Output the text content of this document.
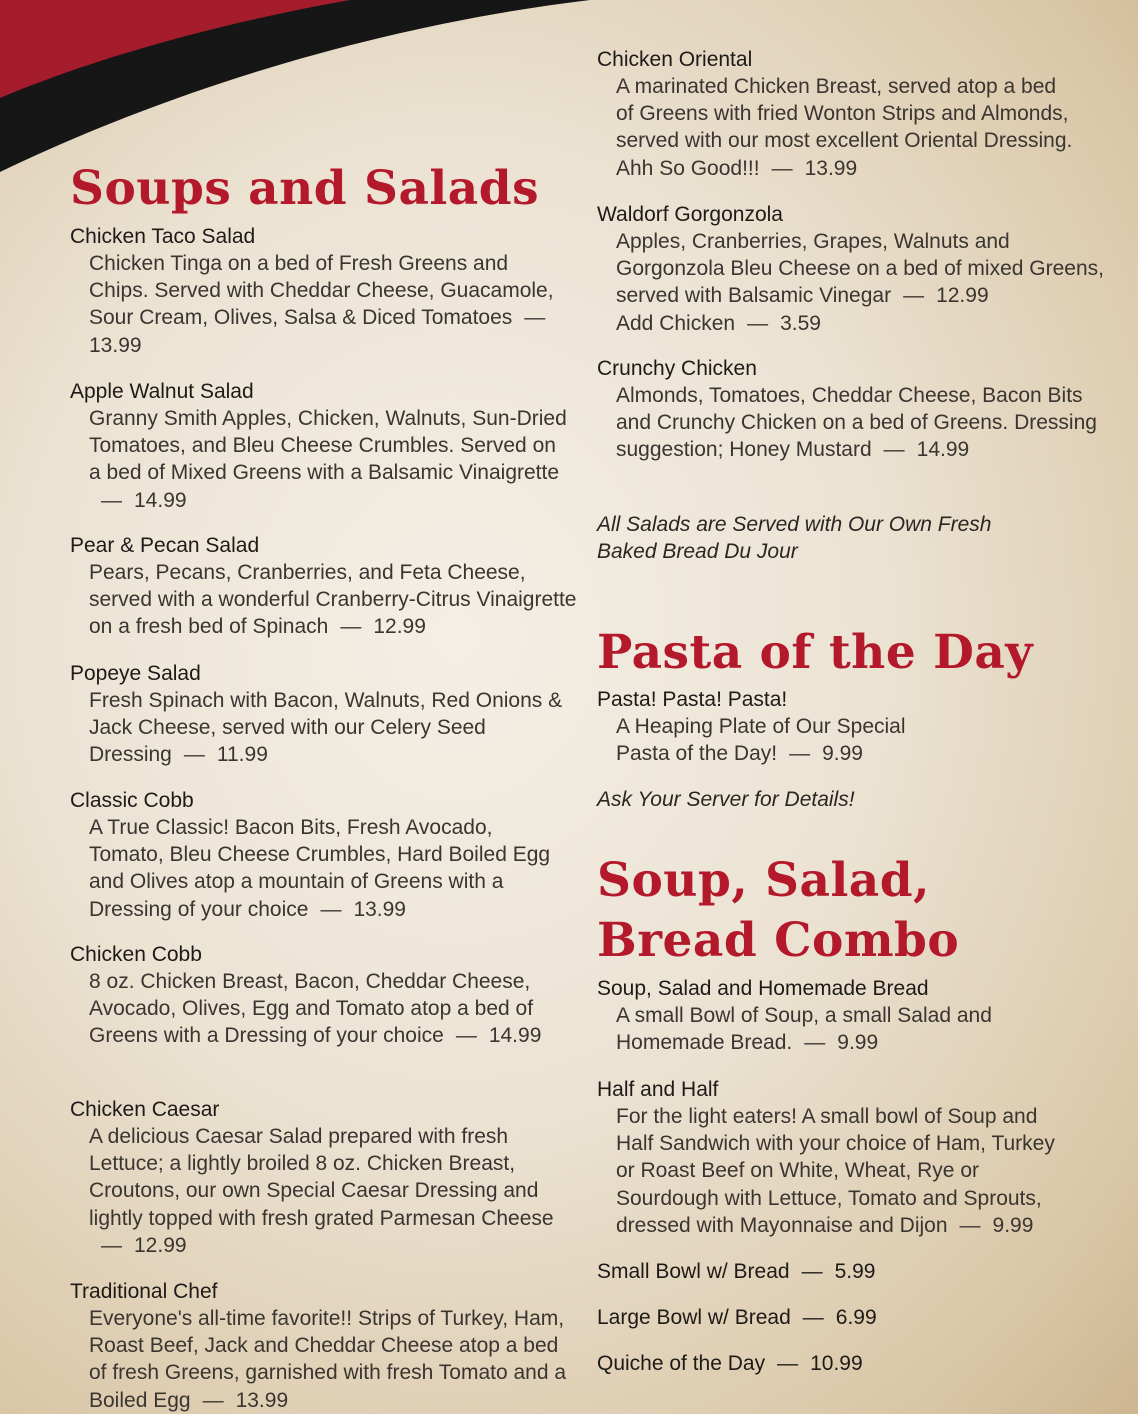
Soups and Salads
Chicken Taco Salad
Chicken Tinga on a bed of Fresh Greens and Chips. Served with Cheddar Cheese, Guacamole, Sour Cream, Olives, Salsa & Diced Tomatoes —13.99
Apple Walnut Salad
Granny Smith Apples, Chicken, Walnuts, Sun-Dried Tomatoes, and Bleu Cheese Crumbles. Served on a bed of Mixed Greens with a Balsamic Vinaigrette— 14.99
Pear & Pecan Salad
Pears, Pecans, Cranberries, and Feta Cheese, served with a wonderful Cranberry-Citrus Vinaigrette on a fresh bed of Spinach — 12.99
Popeye Salad
Fresh Spinach with Bacon, Walnuts, Red Onions & Jack Cheese, served with our Celery Seed Dressing — 11.99
Classic Cobb
A True Classic! Bacon Bits, Fresh Avocado, Tomato, Bleu Cheese Crumbles, Hard Boiled Egg and Olives atop a mountain of Greens with a Dressing of your choice — 13.99
Chicken Cobb
8 oz. Chicken Breast, Bacon, Cheddar Cheese, Avocado, Olives, Egg and Tomato atop a bed of Greens with a Dressing of your choice — 14.99
Chicken Caesar
A delicious Caesar Salad prepared with fresh Lettuce; a lightly broiled 8 oz. Chicken Breast, Croutons, our own Special Caesar Dressing and lightly topped with fresh grated Parmesan Cheese— 12.99
Traditional Chef
Everyone's all-time favorite!! Strips of Turkey, Ham, Roast Beef, Jack and Cheddar Cheese atop a bed of fresh Greens, garnished with fresh Tomato and a Boiled Egg — 13.99
Chicken Oriental
A marinated Chicken Breast, served atop a bed of Greens with fried Wonton Strips and Almonds, served with our most excellent Oriental Dressing. Ahh So Good!!! — 13.99
Waldorf Gorgonzola
Apples, Cranberries, Grapes, Walnuts and Gorgonzola Bleu Cheese on a bed of mixed Greens, served with Balsamic Vinegar — 12.99
Add Chicken — 3.59
Crunchy Chicken
Almonds, Tomatoes, Cheddar Cheese, Bacon Bits and Crunchy Chicken on a bed of Greens. Dressing suggestion; Honey Mustard — 14.99
All Salads are Served with Our Own Fresh Baked Bread Du Jour
Pasta of the Day
Pasta! Pasta! Pasta!
A Heaping Plate of Our Special Pasta of the Day! — 9.99
Ask Your Server for Details!
Soup, Salad,
Bread Combo
Soup, Salad and Homemade Bread
A small Bowl of Soup, a small Salad and Homemade Bread. — 9.99
Half and Half
For the light eaters! A small bowl of Soup and Half Sandwich with your choice of Ham, Turkey or Roast Beef on White, Wheat, Rye or Sourdough with Lettuce, Tomato and Sprouts, dressed with Mayonnaise and Dijon — 9.99
Small Bowl w/ Bread — 5.99
Large Bowl w/ Bread — 6.99
Quiche of the Day — 10.99
